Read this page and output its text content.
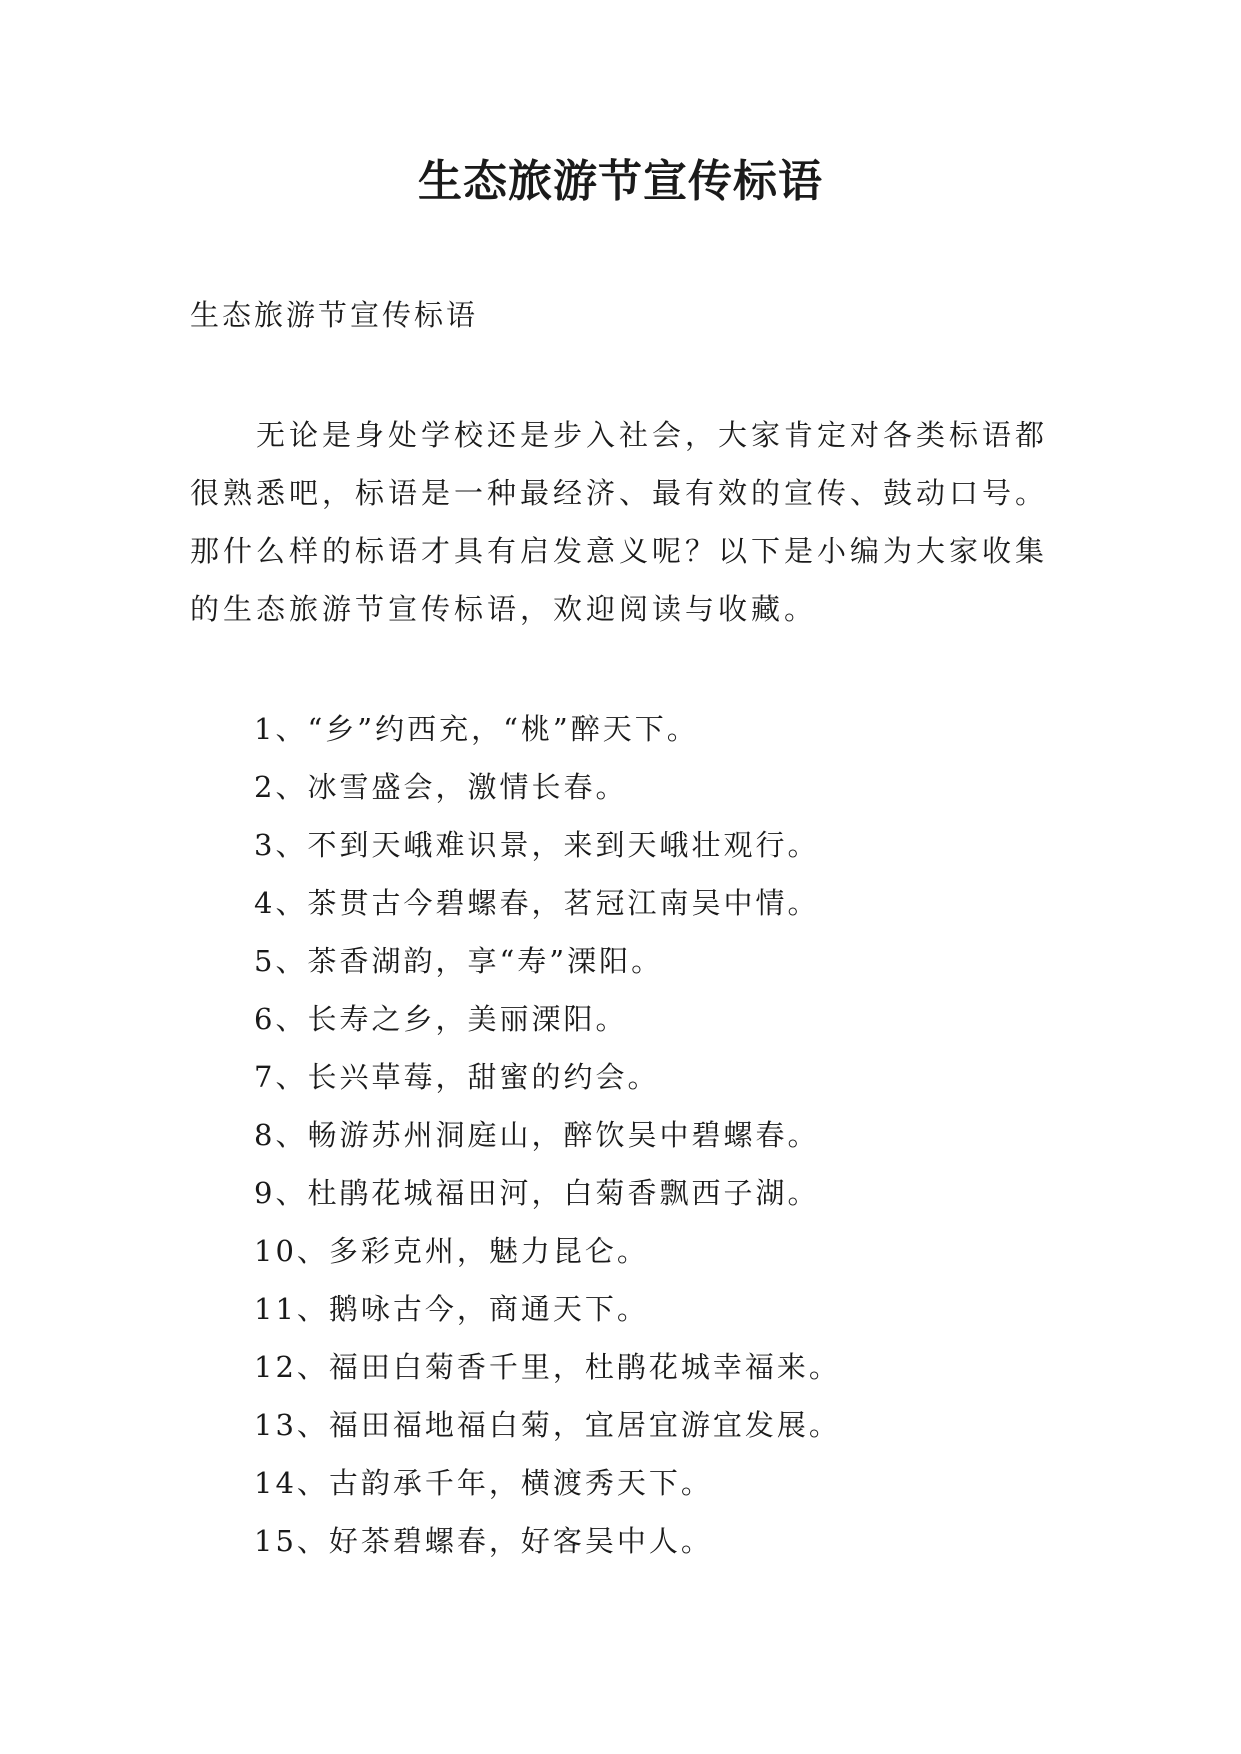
生态旅游节宣传标语

生态旅游节宣传标语

无论是身处学校还是步入社会，大家肯定对各类标语都很熟悉吧，标语是一种最经济、最有效的宣传、鼓动口号。那什么样的标语才具有启发意义呢？以下是小编为大家收集的生态旅游节宣传标语，欢迎阅读与收藏。

1、“乡”约西充，“桃”醉天下。
2、冰雪盛会，激情长春。
3、不到天峨难识景，来到天峨壮观行。
4、茶贯古今碧螺春，茗冠江南吴中情。
5、茶香湖韵，享“寿”溧阳。
6、长寿之乡，美丽溧阳。
7、长兴草莓，甜蜜的约会。
8、畅游苏州洞庭山，醉饮吴中碧螺春。
9、杜鹃花城福田河，白菊香飘西子湖。
10、多彩克州，魅力昆仑。
11、鹅咏古今，商通天下。
12、福田白菊香千里，杜鹃花城幸福来。
13、福田福地福白菊，宜居宜游宜发展。
14、古韵承千年，横渡秀天下。
15、好茶碧螺春，好客吴中人。
